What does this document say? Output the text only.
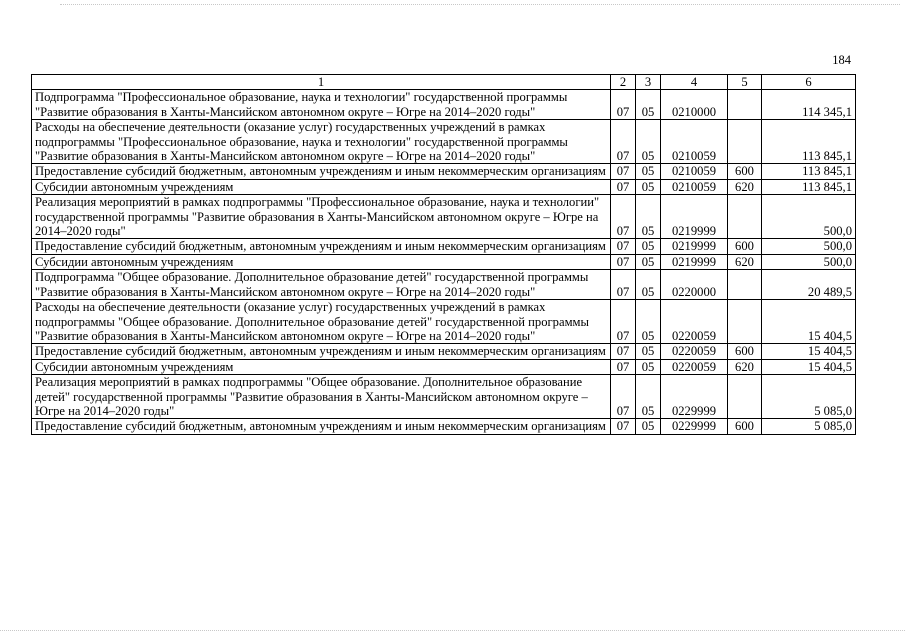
184
1	2	3	4	5	6
Подпрограмма "Профессиональное образование, наука и технологии" государственной программы "Развитие образования в Ханты-Мансийском автономном округе – Югре на 2014–2020 годы"	07	05	0210000		114 345,1
Расходы на обеспечение деятельности (оказание услуг) государственных учреждений в рамках подпрограммы "Профессиональное образование, наука и технологии" государственной программы "Развитие образования в Ханты-Мансийском автономном округе – Югре на 2014–2020 годы"	07	05	0210059		113 845,1
Предоставление субсидий бюджетным, автономным учреждениям и иным некоммерческим организациям	07	05	0210059	600	113 845,1
Субсидии автономным учреждениям	07	05	0210059	620	113 845,1
Реализация мероприятий в рамках подпрограммы "Профессиональное образование, наука и технологии" государственной программы "Развитие образования в Ханты-Мансийском автономном округе – Югре на 2014–2020 годы"	07	05	0219999		500,0
Предоставление субсидий бюджетным, автономным учреждениям и иным некоммерческим организациям	07	05	0219999	600	500,0
Субсидии автономным учреждениям	07	05	0219999	620	500,0
Подпрограмма "Общее образование. Дополнительное образование детей" государственной программы "Развитие образования в Ханты-Мансийском автономном округе – Югре на 2014–2020 годы"	07	05	0220000		20 489,5
Расходы на обеспечение деятельности (оказание услуг) государственных учреждений в рамках подпрограммы "Общее образование. Дополнительное образование детей" государственной программы "Развитие образования в Ханты-Мансийском автономном округе – Югре на 2014–2020 годы"	07	05	0220059		15 404,5
Предоставление субсидий бюджетным, автономным учреждениям и иным некоммерческим организациям	07	05	0220059	600	15 404,5
Субсидии автономным учреждениям	07	05	0220059	620	15 404,5
Реализация мероприятий в рамках подпрограммы "Общее образование. Дополнительное образование детей" государственной программы "Развитие образования в Ханты-Мансийском автономном округе – Югре на 2014–2020 годы"	07	05	0229999		5 085,0
Предоставление субсидий бюджетным, автономным учреждениям и иным некоммерческим организациям	07	05	0229999	600	5 085,0
